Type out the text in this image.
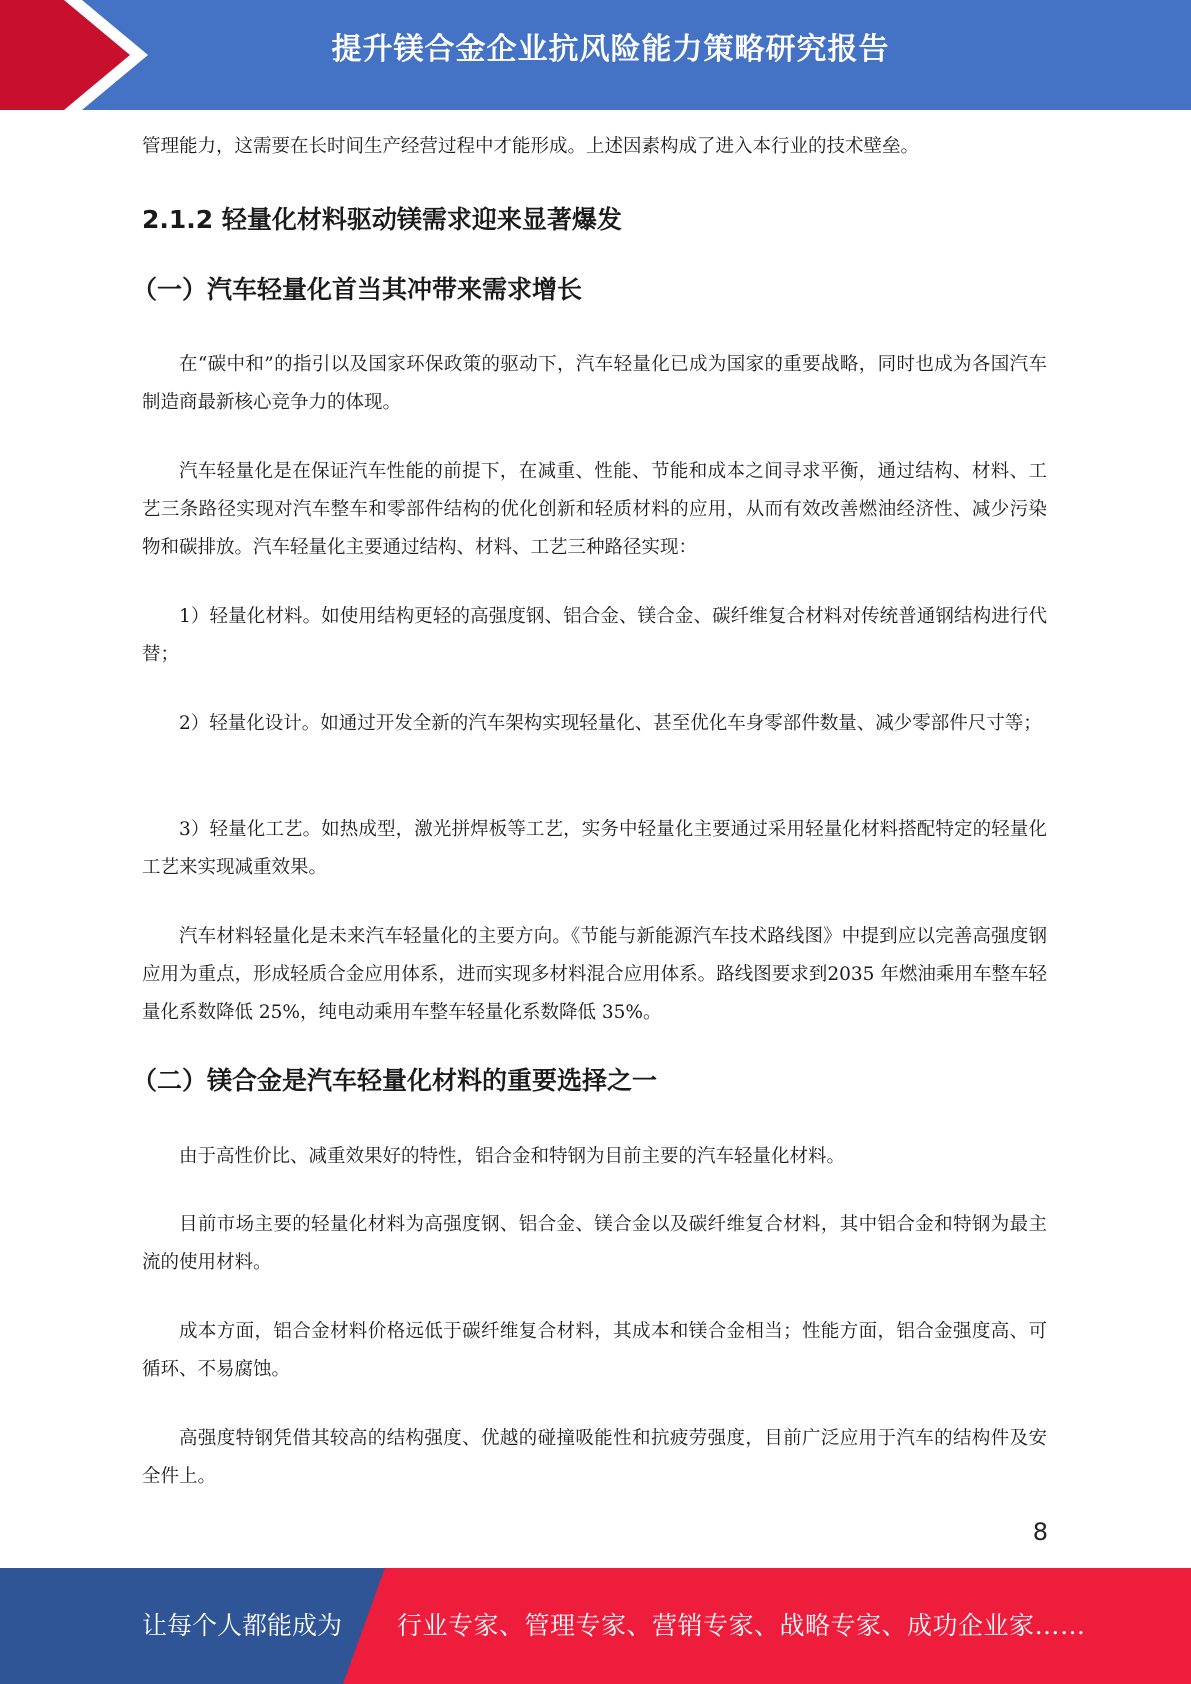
提升镁合金企业抗风险能力策略研究报告

管理能力，这需要在长时间生产经营过程中才能形成。上述因素构成了进入本行业的技术壁垒。

2.1.2 轻量化材料驱动镁需求迎来显著爆发
（一）汽车轻量化首当其冲带来需求增长

在“碳中和”的指引以及国家环保政策的驱动下，汽车轻量化已成为国家的重要战略，同时也成为各国汽车制造商最新核心竞争力的体现。

汽车轻量化是在保证汽车性能的前提下，在减重、性能、节能和成本之间寻求平衡，通过结构、材料、工艺三条路径实现对汽车整车和零部件结构的优化创新和轻质材料的应用，从而有效改善燃油经济性、减少污染物和碳排放。汽车轻量化主要通过结构、材料、工艺三种路径实现：

1）轻量化材料。如使用结构更轻的高强度钢、铝合金、镁合金、碳纤维复合材料对传统普通钢结构进行代替；

2）轻量化设计。如通过开发全新的汽车架构实现轻量化、甚至优化车身零部件数量、减少零部件尺寸等；

3）轻量化工艺。如热成型，激光拼焊板等工艺，实务中轻量化主要通过采用轻量化材料搭配特定的轻量化工艺来实现减重效果。

汽车材料轻量化是未来汽车轻量化的主要方向。《节能与新能源汽车技术路线图》中提到应以完善高强度钢应用为重点，形成轻质合金应用体系，进而实现多材料混合应用体系。路线图要求到2035 年燃油乘用车整车轻量化系数降低 25%，纯电动乘用车整车轻量化系数降低 35%。

（二）镁合金是汽车轻量化材料的重要选择之一

由于高性价比、减重效果好的特性，铝合金和特钢为目前主要的汽车轻量化材料。

目前市场主要的轻量化材料为高强度钢、铝合金、镁合金以及碳纤维复合材料，其中铝合金和特钢为最主流的使用材料。

成本方面，铝合金材料价格远低于碳纤维复合材料，其成本和镁合金相当；性能方面，铝合金强度高、可循环、不易腐蚀。

高强度特钢凭借其较高的结构强度、优越的碰撞吸能性和抗疲劳强度，目前广泛应用于汽车的结构件及安全件上。

8
让每个人都能成为 行业专家、管理专家、营销专家、战略专家、成功企业家……
